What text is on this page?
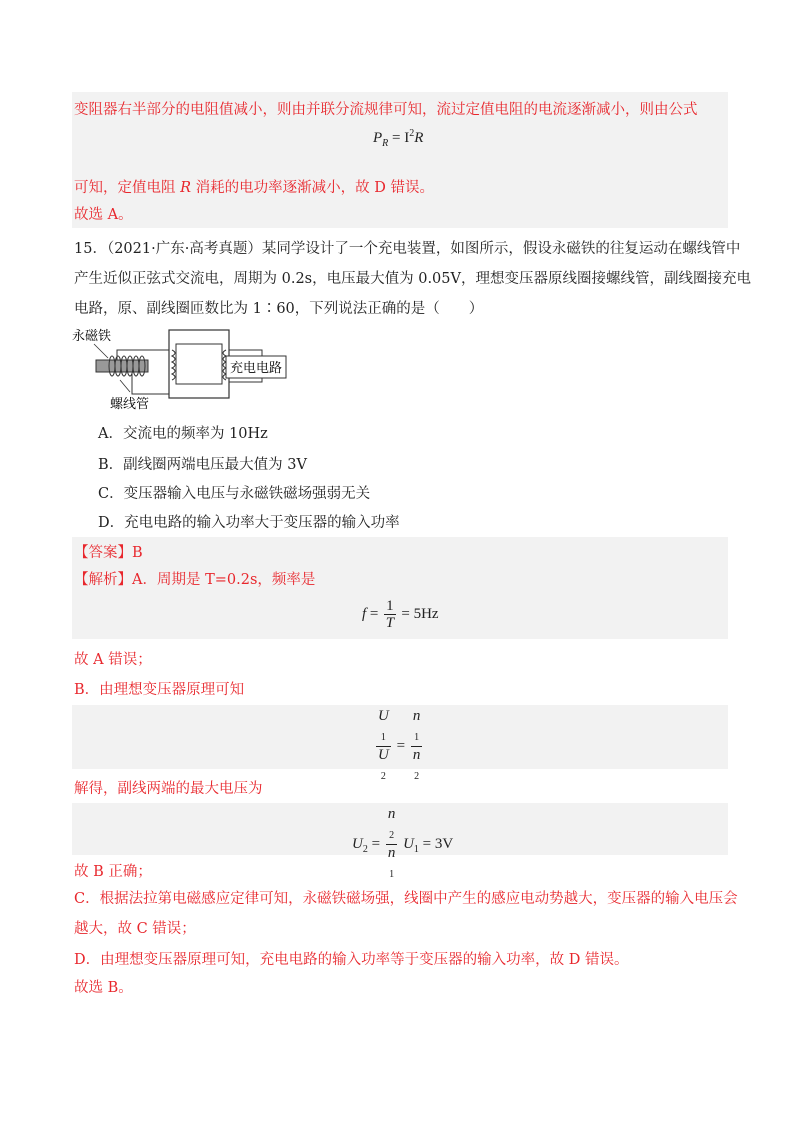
变阻器右半部分的电阻值减小，则由并联分流规律可知，流过定值电阻的电流逐渐减小，则由公式
$P_R = I^2R$
可知，定值电阻 R 消耗的电功率逐渐减小，故 D 错误。
故选 A。
15．（2021·广东·高考真题）某同学设计了一个充电装置，如图所示，假设永磁铁的往复运动在螺线管中
产生近似正弦式交流电，周期为 0.2s，电压最大值为 0.05V，理想变压器原线圈接螺线管，副线圈接充电
电路，原、副线圈匝数比为 1∶60，下列说法正确的是（　　）
永磁铁
螺线管
充电电路
A．交流电的频率为 10Hz
B．副线圈两端电压最大值为 3V
C．变压器输入电压与永磁铁磁场强弱无关
D．充电电路的输入功率大于变压器的输入功率
【答案】B
【解析】A．周期是 T=0.2s，频率是
$f = \frac{1}{T} = 5Hz$
故 A 错误；
B．由理想变压器原理可知
U
$_1$
U
$_2$ = n
$_1$
n
$_2$
解得，副线两端的最大电压为
$U_2 = n$
$_2$
n
$_1$ $U_1 = 3V$
故 B 正确；
C．根据法拉第电磁感应定律可知，永磁铁磁场强，线圈中产生的感应电动势越大，变压器的输入电压会
越大，故 C 错误；
D．由理想变压器原理可知，充电电路的输入功率等于变压器的输入功率，故 D 错误。
故选 B。
